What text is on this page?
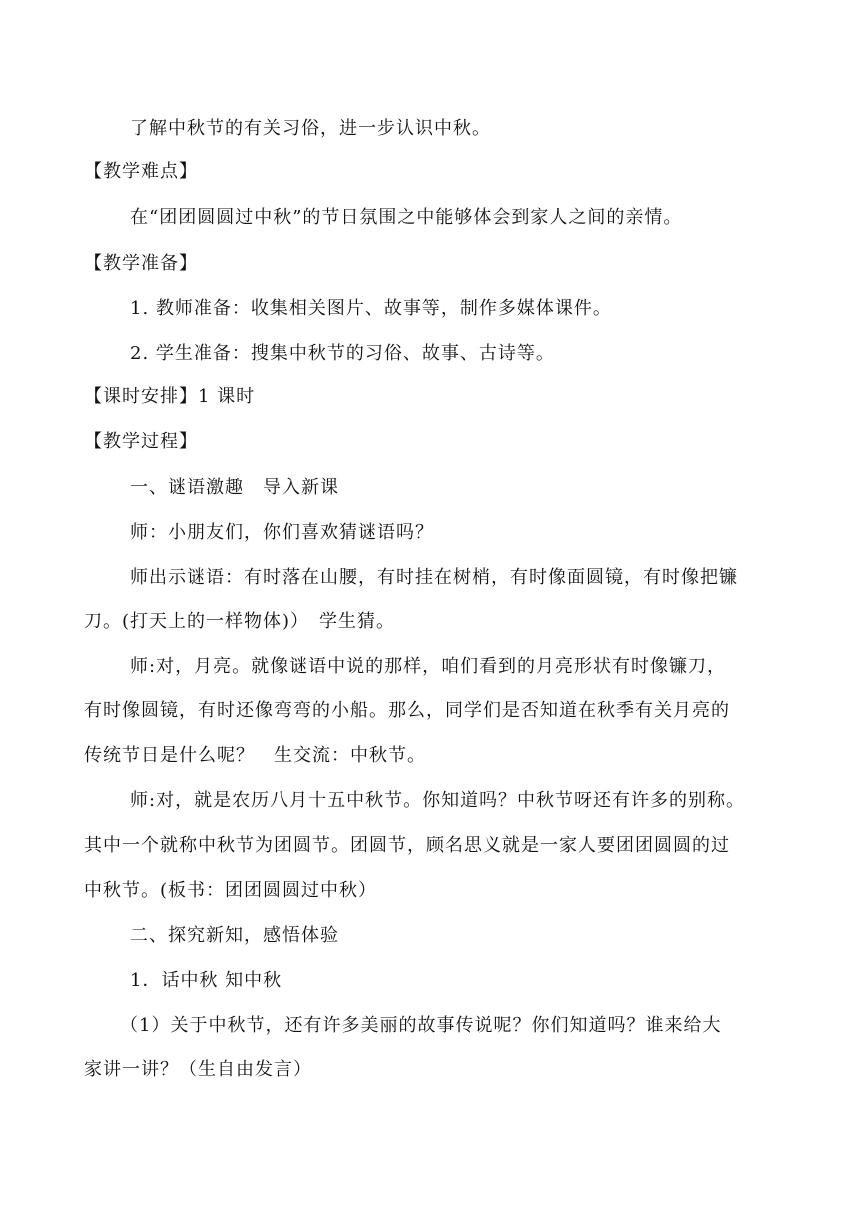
了解中秋节的有关习俗，进一步认识中秋。
【教学难点】
在“团团圆圆过中秋”的节日氛围之中能够体会到家人之间的亲情。
【教学准备】
1. 教师准备：收集相关图片、故事等，制作多媒体课件。
2. 学生准备：搜集中秋节的习俗、故事、古诗等。
【课时安排】1 课时
【教学过程】
一、谜语激趣　导入新课
师：小朋友们，你们喜欢猜谜语吗？
师出示谜语：有时落在山腰，有时挂在树梢，有时像面圆镜，有时像把镰
刀。(打天上的一样物体)）　学生猜。
师:对，月亮。就像谜语中说的那样，咱们看到的月亮形状有时像镰刀，
有时像圆镜，有时还像弯弯的小船。那么，同学们是否知道在秋季有关月亮的
传统节日是什么呢？　生交流：中秋节。
师:对，就是农历八月十五中秋节。你知道吗？中秋节呀还有许多的别称。
其中一个就称中秋节为团圆节。团圆节，顾名思义就是一家人要团团圆圆的过
中秋节。(板书：团团圆圆过中秋）
二、探究新知，感悟体验
1．话中秋 知中秋
（1）关于中秋节，还有许多美丽的故事传说呢？你们知道吗？谁来给大
家讲一讲？（生自由发言）
